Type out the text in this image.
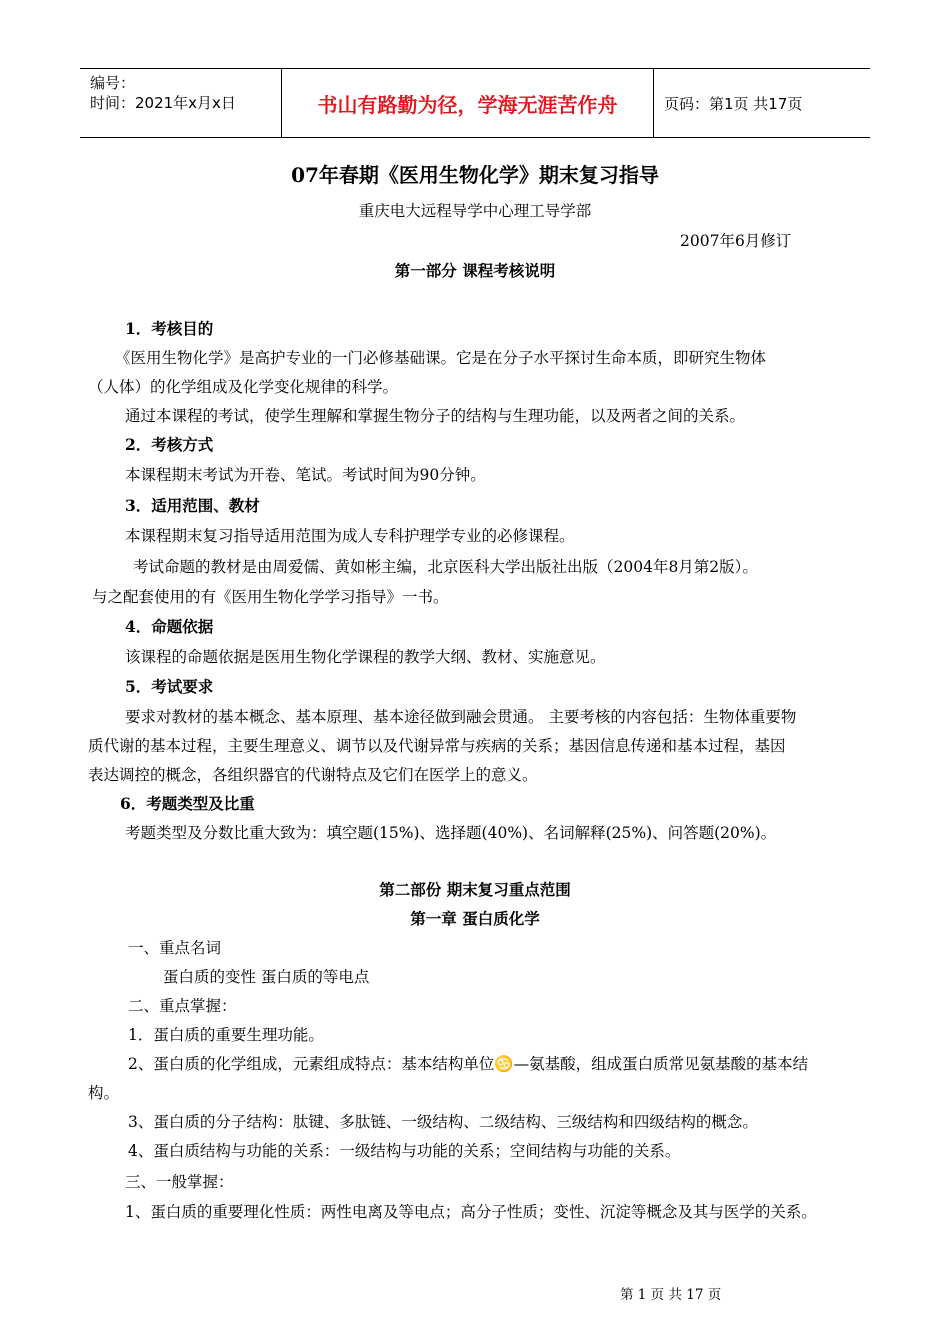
编号：
时间：2021年x月x日	书山有路勤为径，学海无涯苦作舟	页码：第1页 共17页
07年春期《医用生物化学》期末复习指导
重庆电大远程导学中心理工导学部
2007年6月修订
第一部分 课程考核说明
1．考核目的
《医用生物化学》是高护专业的一门必修基础课。它是在分子水平探讨生命本质，即研究生物体
（人体）的化学组成及化学变化规律的科学。
通过本课程的考试，使学生理解和掌握生物分子的结构与生理功能，以及两者之间的关系。
2．考核方式
本课程期末考试为开卷、笔试。考试时间为90分钟。
3．适用范围、教材
本课程期末复习指导适用范围为成人专科护理学专业的必修课程。
考试命题的教材是由周爱儒、黄如彬主编，北京医科大学出版社出版（2004年8月第2版）。
与之配套使用的有《医用生物化学学习指导》一书。
4．命题依据
该课程的命题依据是医用生物化学课程的教学大纲、教材、实施意见。
5．考试要求
要求对教材的基本概念、基本原理、基本途径做到融会贯通。 主要考核的内容包括：生物体重要物
质代谢的基本过程，主要生理意义、调节以及代谢异常与疾病的关系；基因信息传递和基本过程，基因
表达调控的概念，各组织器官的代谢特点及它们在医学上的意义。
6．考题类型及比重
考题类型及分数比重大致为：填空题(15%)、选择题(40%)、名词解释(25%)、问答题(20%)。
第二部份 期末复习重点范围
第一章 蛋白质化学
一、重点名词
蛋白质的变性 蛋白质的等电点
二、重点掌握：
1．蛋白质的重要生理功能。
2、蛋白质的化学组成，元素组成特点：基本结构单位♋—氨基酸，组成蛋白质常见氨基酸的基本结
构。
3、蛋白质的分子结构：肽键、多肽链、一级结构、二级结构、三级结构和四级结构的概念。
4、蛋白质结构与功能的关系：一级结构与功能的关系；空间结构与功能的关系。
三、一般掌握：
1、蛋白质的重要理化性质：两性电离及等电点；高分子性质；变性、沉淀等概念及其与医学的关系。
第 1 页 共 17 页
